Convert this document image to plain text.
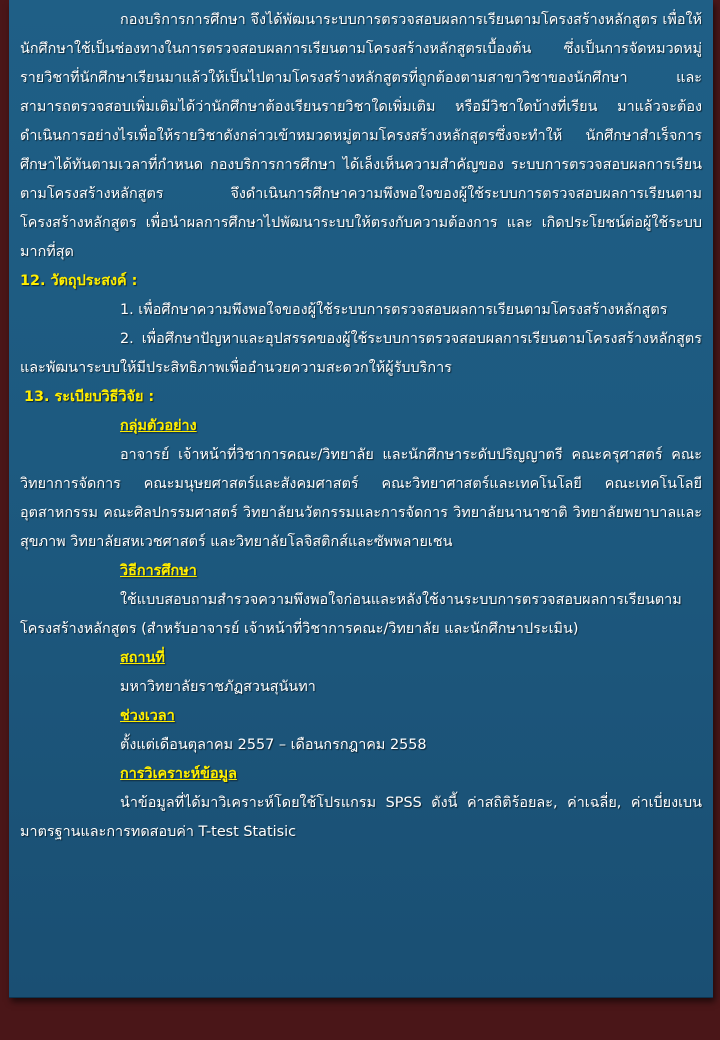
กองบริการการศึกษา จึงได้พัฒนาระบบการตรวจสอบผลการเรียนตามโครงสร้างหลักสูตร เพื่อให้นักศึกษาใช้เป็นช่องทางในการตรวจสอบผลการเรียนตามโครงสร้างหลักสูตรเบื้องต้น ซึ่งเป็นการจัดหมวดหมู่รายวิชาที่นักศึกษาเรียนมาแล้วให้เป็นไปตามโครงสร้างหลักสูตรที่ถูกต้องตามสาขาวิชาของนักศึกษา และสามารถตรวจสอบเพิ่มเติมได้ว่านักศึกษาต้องเรียนรายวิชาใดเพิ่มเติม หรือมีวิชาใดบ้างที่เรียน มาแล้วจะต้องดำเนินการอย่างไรเพื่อให้รายวิชาดังกล่าวเข้าหมวดหมู่ตามโครงสร้างหลักสูตรซึ่งจะทำให้ นักศึกษาสำเร็จการศึกษาได้ทันตามเวลาที่กำหนด กองบริการการศึกษา ได้เล็งเห็นความสำคัญของ ระบบการตรวจสอบผลการเรียนตามโครงสร้างหลักสูตร จึงดำเนินการศึกษาความพึงพอใจของผู้ใช้ระบบการตรวจสอบผลการเรียนตามโครงสร้างหลักสูตร เพื่อนำผลการศึกษาไปพัฒนาระบบให้ตรงกับความต้องการ และ เกิดประโยชน์ต่อผู้ใช้ระบบมากที่สุด

12. วัตถุประสงค์ :

1. เพื่อศึกษาความพึงพอใจของผู้ใช้ระบบการตรวจสอบผลการเรียนตามโครงสร้างหลักสูตร

2. เพื่อศึกษาปัญหาและอุปสรรคของผู้ใช้ระบบการตรวจสอบผลการเรียนตามโครงสร้างหลักสูตรและพัฒนาระบบให้มีประสิทธิภาพเพื่ออำนวยความสะดวกให้ผู้รับบริการ

13. ระเบียบวิธีวิจัย :

กลุ่มตัวอย่าง

อาจารย์ เจ้าหน้าที่วิชาการคณะ/วิทยาลัย และนักศึกษาระดับปริญญาตรี คณะครุศาสตร์ คณะวิทยาการจัดการ คณะมนุษยศาสตร์และสังคมศาสตร์ คณะวิทยาศาสตร์และเทคโนโลยี คณะเทคโนโลยีอุตสาหกรรม คณะศิลปกรรมศาสตร์ วิทยาลัยนวัตกรรมและการจัดการ วิทยาลัยนานาชาติ วิทยาลัยพยาบาลและสุขภาพ วิทยาลัยสหเวชศาสตร์ และวิทยาลัยโลจิสติกส์และซัพพลายเชน

วิธีการศึกษา

ใช้แบบสอบถามสำรวจความพึงพอใจก่อนและหลังใช้งานระบบการตรวจสอบผลการเรียนตามโครงสร้างหลักสูตร (สำหรับอาจารย์ เจ้าหน้าที่วิชาการคณะ/วิทยาลัย และนักศึกษาประเมิน)

สถานที่

มหาวิทยาลัยราชภัฏสวนสุนันทา

ช่วงเวลา

ตั้งแต่เดือนตุลาคม 2557 – เดือนกรกฎาคม 2558

การวิเคราะห์ข้อมูล

นำข้อมูลที่ได้มาวิเคราะห์โดยใช้โปรแกรม SPSS ดังนี้ ค่าสถิติร้อยละ, ค่าเฉลี่ย, ค่าเบี่ยงเบนมาตรฐานและการทดสอบค่า T-test Statisic
